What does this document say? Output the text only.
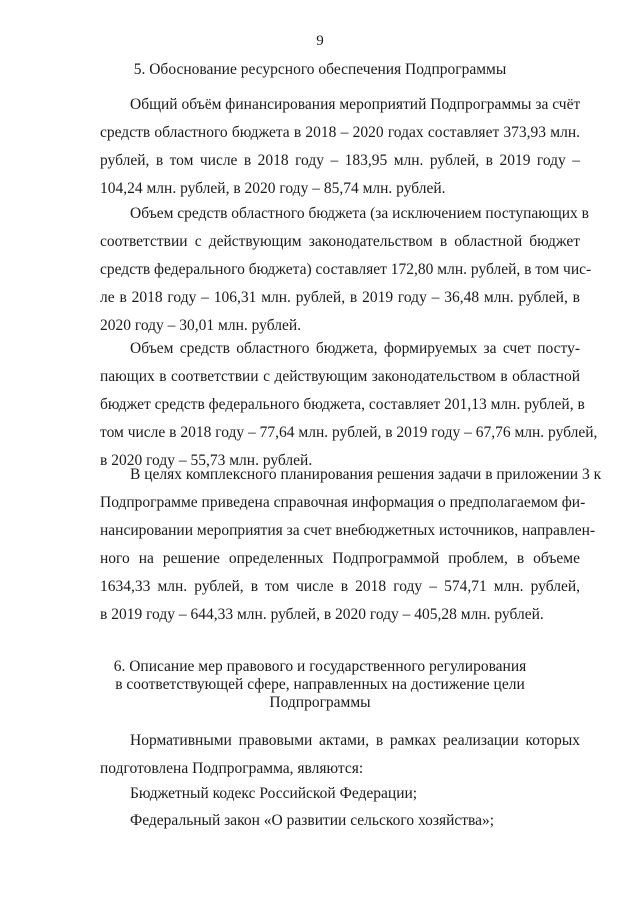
9
5. Обоснование ресурсного обеспечения Подпрограммы
Общий объём финансирования мероприятий Подпрограммы за счёт
средств областного бюджета в 2018 – 2020 годах составляет 373,93 млн.
рублей, в том числе в 2018 году – 183,95 млн. рублей, в 2019 году –
104,24 млн. рублей, в 2020 году – 85,74 млн. рублей.
Объем средств областного бюджета (за исключением поступающих в
соответствии с действующим законодательством в областной бюджет
средств федерального бюджета) составляет 172,80 млн. рублей, в том чис-
ле в 2018 году – 106,31 млн. рублей, в 2019 году – 36,48 млн. рублей, в
2020 году – 30,01 млн. рублей.
Объем средств областного бюджета, формируемых за счет посту-
пающих в соответствии с действующим законодательством в областной
бюджет средств федерального бюджета, составляет 201,13 млн. рублей, в
том числе в 2018 году – 77,64 млн. рублей, в 2019 году – 67,76 млн. рублей,
в 2020 году – 55,73 млн. рублей.
В целях комплексного планирования решения задачи в приложении 3 к
Подпрограмме приведена справочная информация о предполагаемом фи-
нансировании мероприятия за счет внебюджетных источников, направлен-
ного на решение определенных Подпрограммой проблем, в объеме
1634,33 млн. рублей, в том числе в 2018 году – 574,71 млн. рублей,
в 2019 году – 644,33 млн. рублей, в 2020 году – 405,28 млн. рублей.
6. Описание мер правового и государственного регулирования
в соответствующей сфере, направленных на достижение цели
Подпрограммы
Нормативными правовыми актами, в рамках реализации которых
подготовлена Подпрограмма, являются:
Бюджетный кодекс Российской Федерации;
Федеральный закон «О развитии сельского хозяйства»;
